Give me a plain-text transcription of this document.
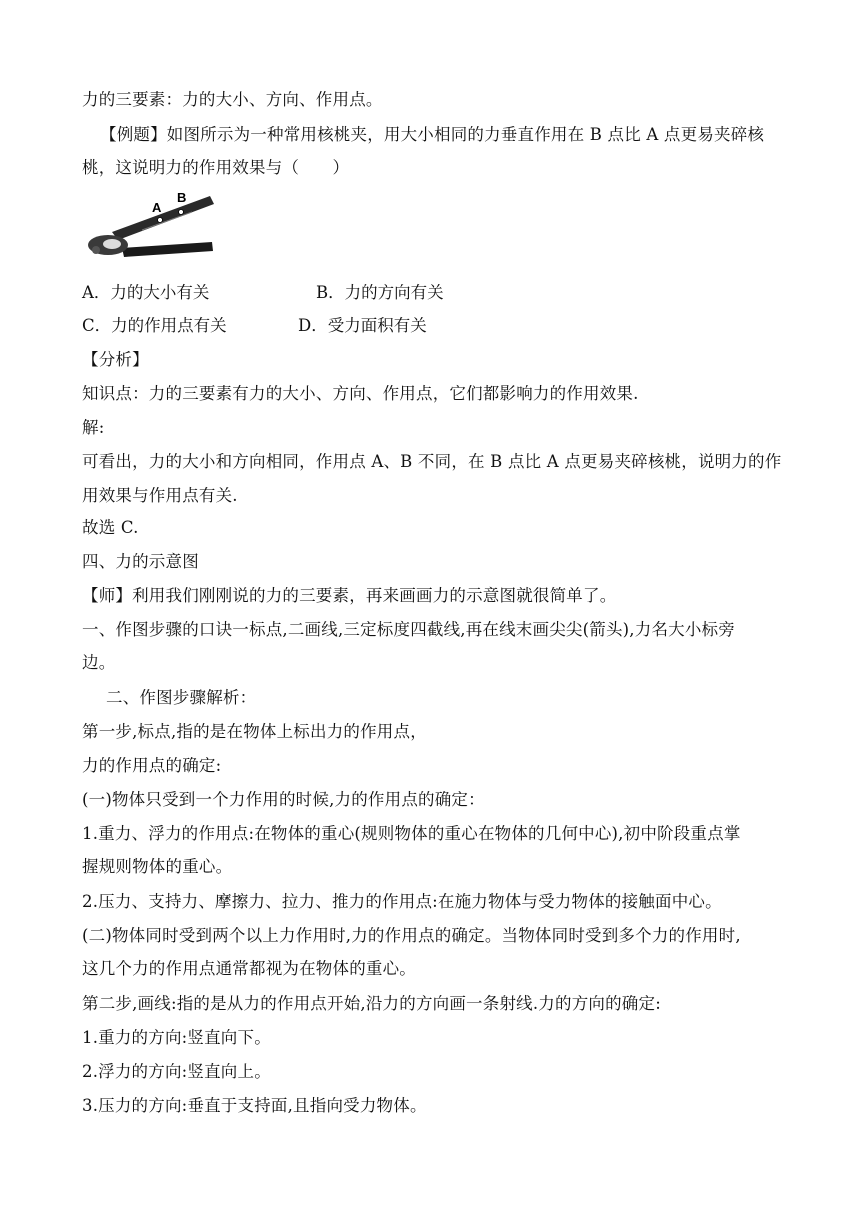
力的三要素：力的大小、方向、作用点。
【例题】如图所示为一种常用核桃夹，用大小相同的力垂直作用在 B 点比 A 点更易夹碎核
桃，这说明力的作用效果与（　　）
A
B
A．力的大小有关	B．力的方向有关
C．力的作用点有关	D．受力面积有关
【分析】
知识点：力的三要素有力的大小、方向、作用点，它们都影响力的作用效果.
解:
可看出，力的大小和方向相同，作用点 A、B 不同，在 B 点比 A 点更易夹碎核桃，说明力的作
用效果与作用点有关.
故选 C.
四、力的示意图
【师】利用我们刚刚说的力的三要素，再来画画力的示意图就很简单了。
一、作图步骤的口诀一标点,二画线,三定标度四截线,再在线末画尖尖(箭头),力名大小标旁
边。
二、作图步骤解析：
第一步,标点,指的是在物体上标出力的作用点，
力的作用点的确定:
(一)物体只受到一个力作用的时候,力的作用点的确定：
1.重力、浮力的作用点:在物体的重心(规则物体的重心在物体的几何中心),初中阶段重点掌
握规则物体的重心。
2.压力、支持力、摩擦力、拉力、推力的作用点:在施力物体与受力物体的接触面中心。
(二)物体同时受到两个以上力作用时,力的作用点的确定。当物体同时受到多个力的作用时,
这几个力的作用点通常都视为在物体的重心。
第二步,画线:指的是从力的作用点开始,沿力的方向画一条射线.力的方向的确定:
1.重力的方向:竖直向下。
2.浮力的方向:竖直向上。
3.压力的方向:垂直于支持面,且指向受力物体。
